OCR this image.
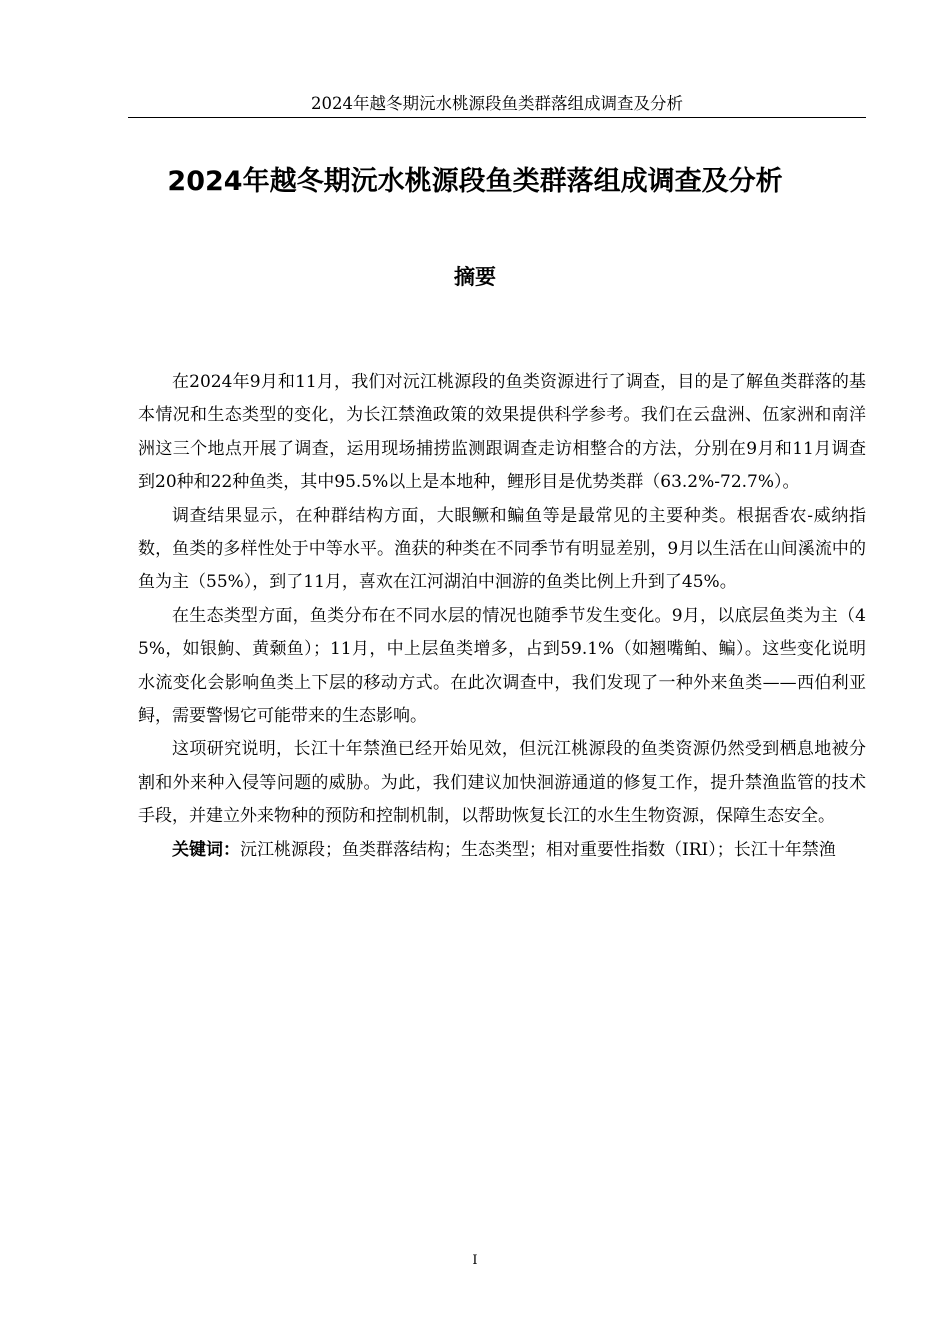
2024年越冬期沅水桃源段鱼类群落组成调查及分析
2024年越冬期沅水桃源段鱼类群落组成调查及分析
摘要

在2024年9月和11月，我们对沅江桃源段的鱼类资源进行了调查，目的是了解鱼类群落的基本情况和生态类型的变化，为长江禁渔政策的效果提供科学参考。我们在云盘洲、伍家洲和南洋洲这三个地点开展了调查，运用现场捕捞监测跟调查走访相整合的方法，分别在9月和11月调查到20种和22种鱼类，其中95.5%以上是本地种，鲤形目是优势类群（63.2%-72.7%）。

调查结果显示，在种群结构方面，大眼鳜和鳊鱼等是最常见的主要种类。根据香农-威纳指数，鱼类的多样性处于中等水平。渔获的种类在不同季节有明显差别，9月以生活在山间溪流中的鱼为主（55%），到了11月，喜欢在江河湖泊中洄游的鱼类比例上升到了45%。

在生态类型方面，鱼类分布在不同水层的情况也随季节发生变化。9月，以底层鱼类为主（45%，如银鮈、黄颡鱼）；11月，中上层鱼类增多，占到59.1%（如翘嘴鲌、鳊）。这些变化说明水流变化会影响鱼类上下层的移动方式。在此次调查中，我们发现了一种外来鱼类——西伯利亚鲟，需要警惕它可能带来的生态影响。

这项研究说明，长江十年禁渔已经开始见效，但沅江桃源段的鱼类资源仍然受到栖息地被分割和外来种入侵等问题的威胁。为此，我们建议加快洄游通道的修复工作，提升禁渔监管的技术手段，并建立外来物种的预防和控制机制，以帮助恢复长江的水生生物资源，保障生态安全。

关键词：沅江桃源段；鱼类群落结构；生态类型；相对重要性指数（IRI）；长江十年禁渔

I
